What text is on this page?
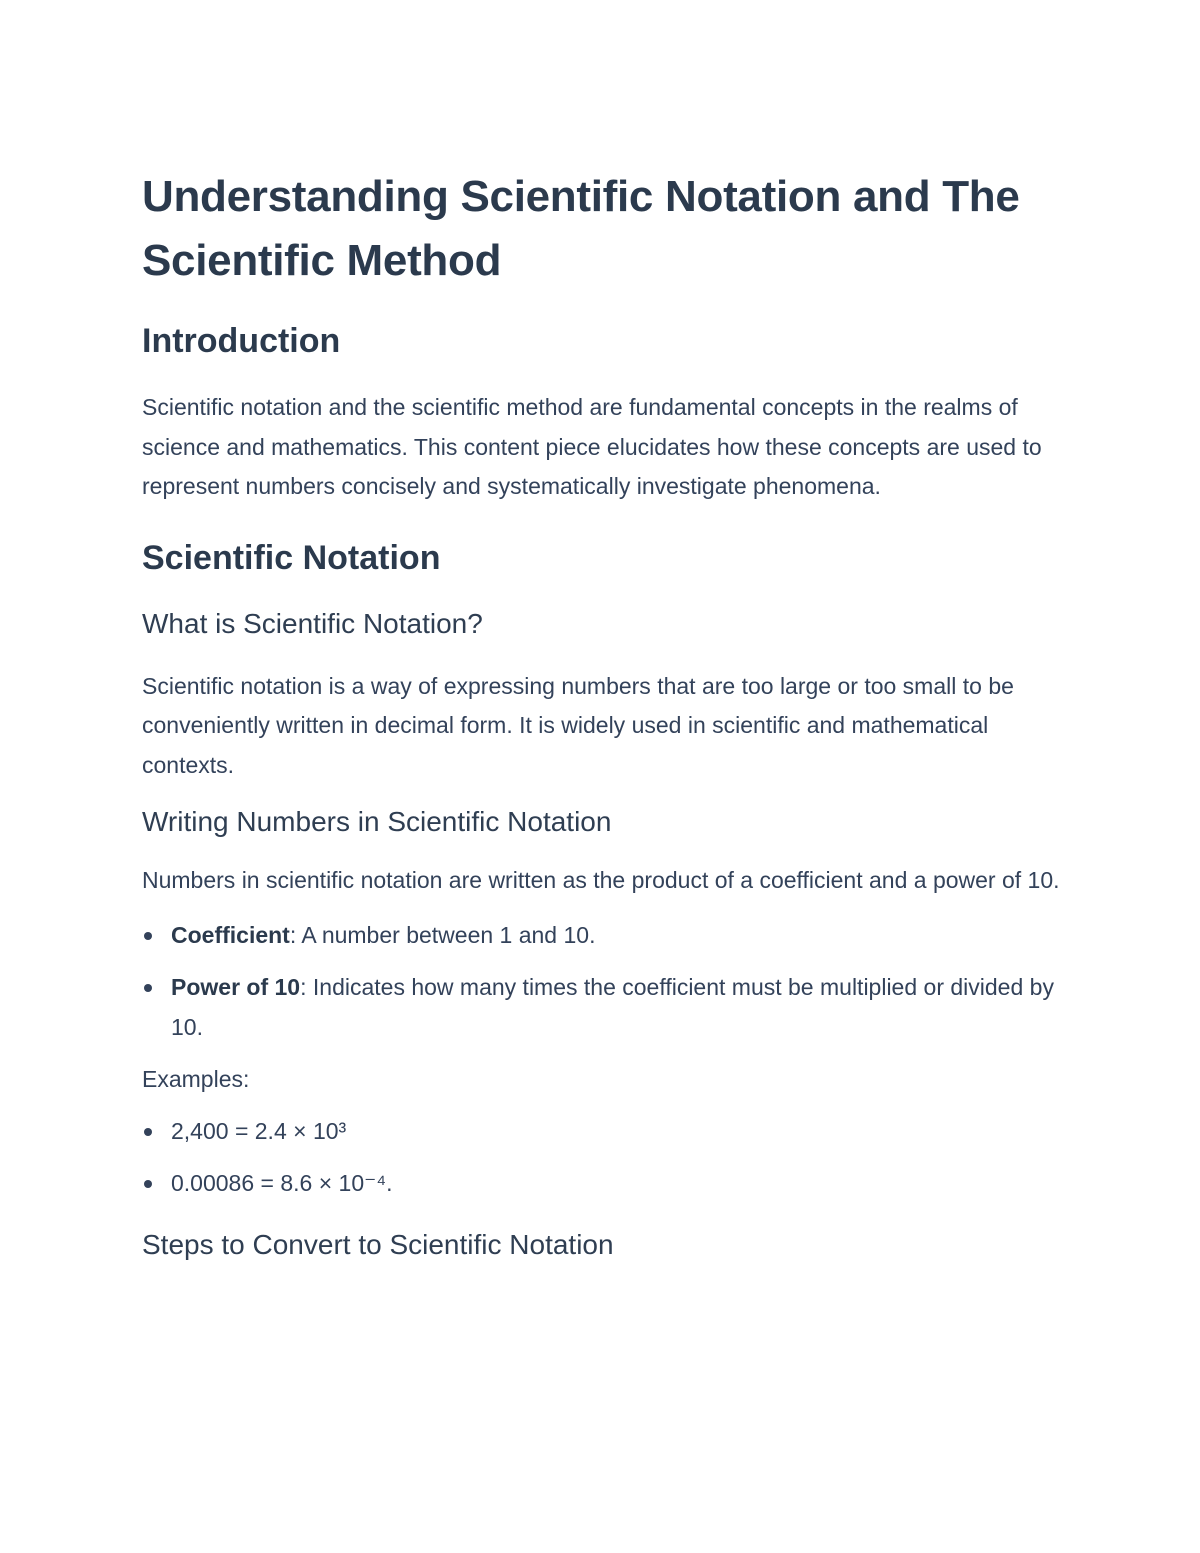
Understanding Scientific Notation and The Scientific Method
Introduction

Scientific notation and the scientific method are fundamental concepts in the realms of science and mathematics. This content piece elucidates how these concepts are used to represent numbers concisely and systematically investigate phenomena.

Scientific Notation
What is Scientific Notation?

Scientific notation is a way of expressing numbers that are too large or too small to be conveniently written in decimal form. It is widely used in scientific and mathematical contexts.

Writing Numbers in Scientific Notation

Numbers in scientific notation are written as the product of a coefficient and a power of 10.

Coefficient: A number between 1 and 10.
Power of 10: Indicates how many times the coefficient must be multiplied or divided by 10.
Examples:
2,400 = 2.4 × 10³
0.00086 = 8.6 × 10⁻⁴.
Steps to Convert to Scientific Notation
